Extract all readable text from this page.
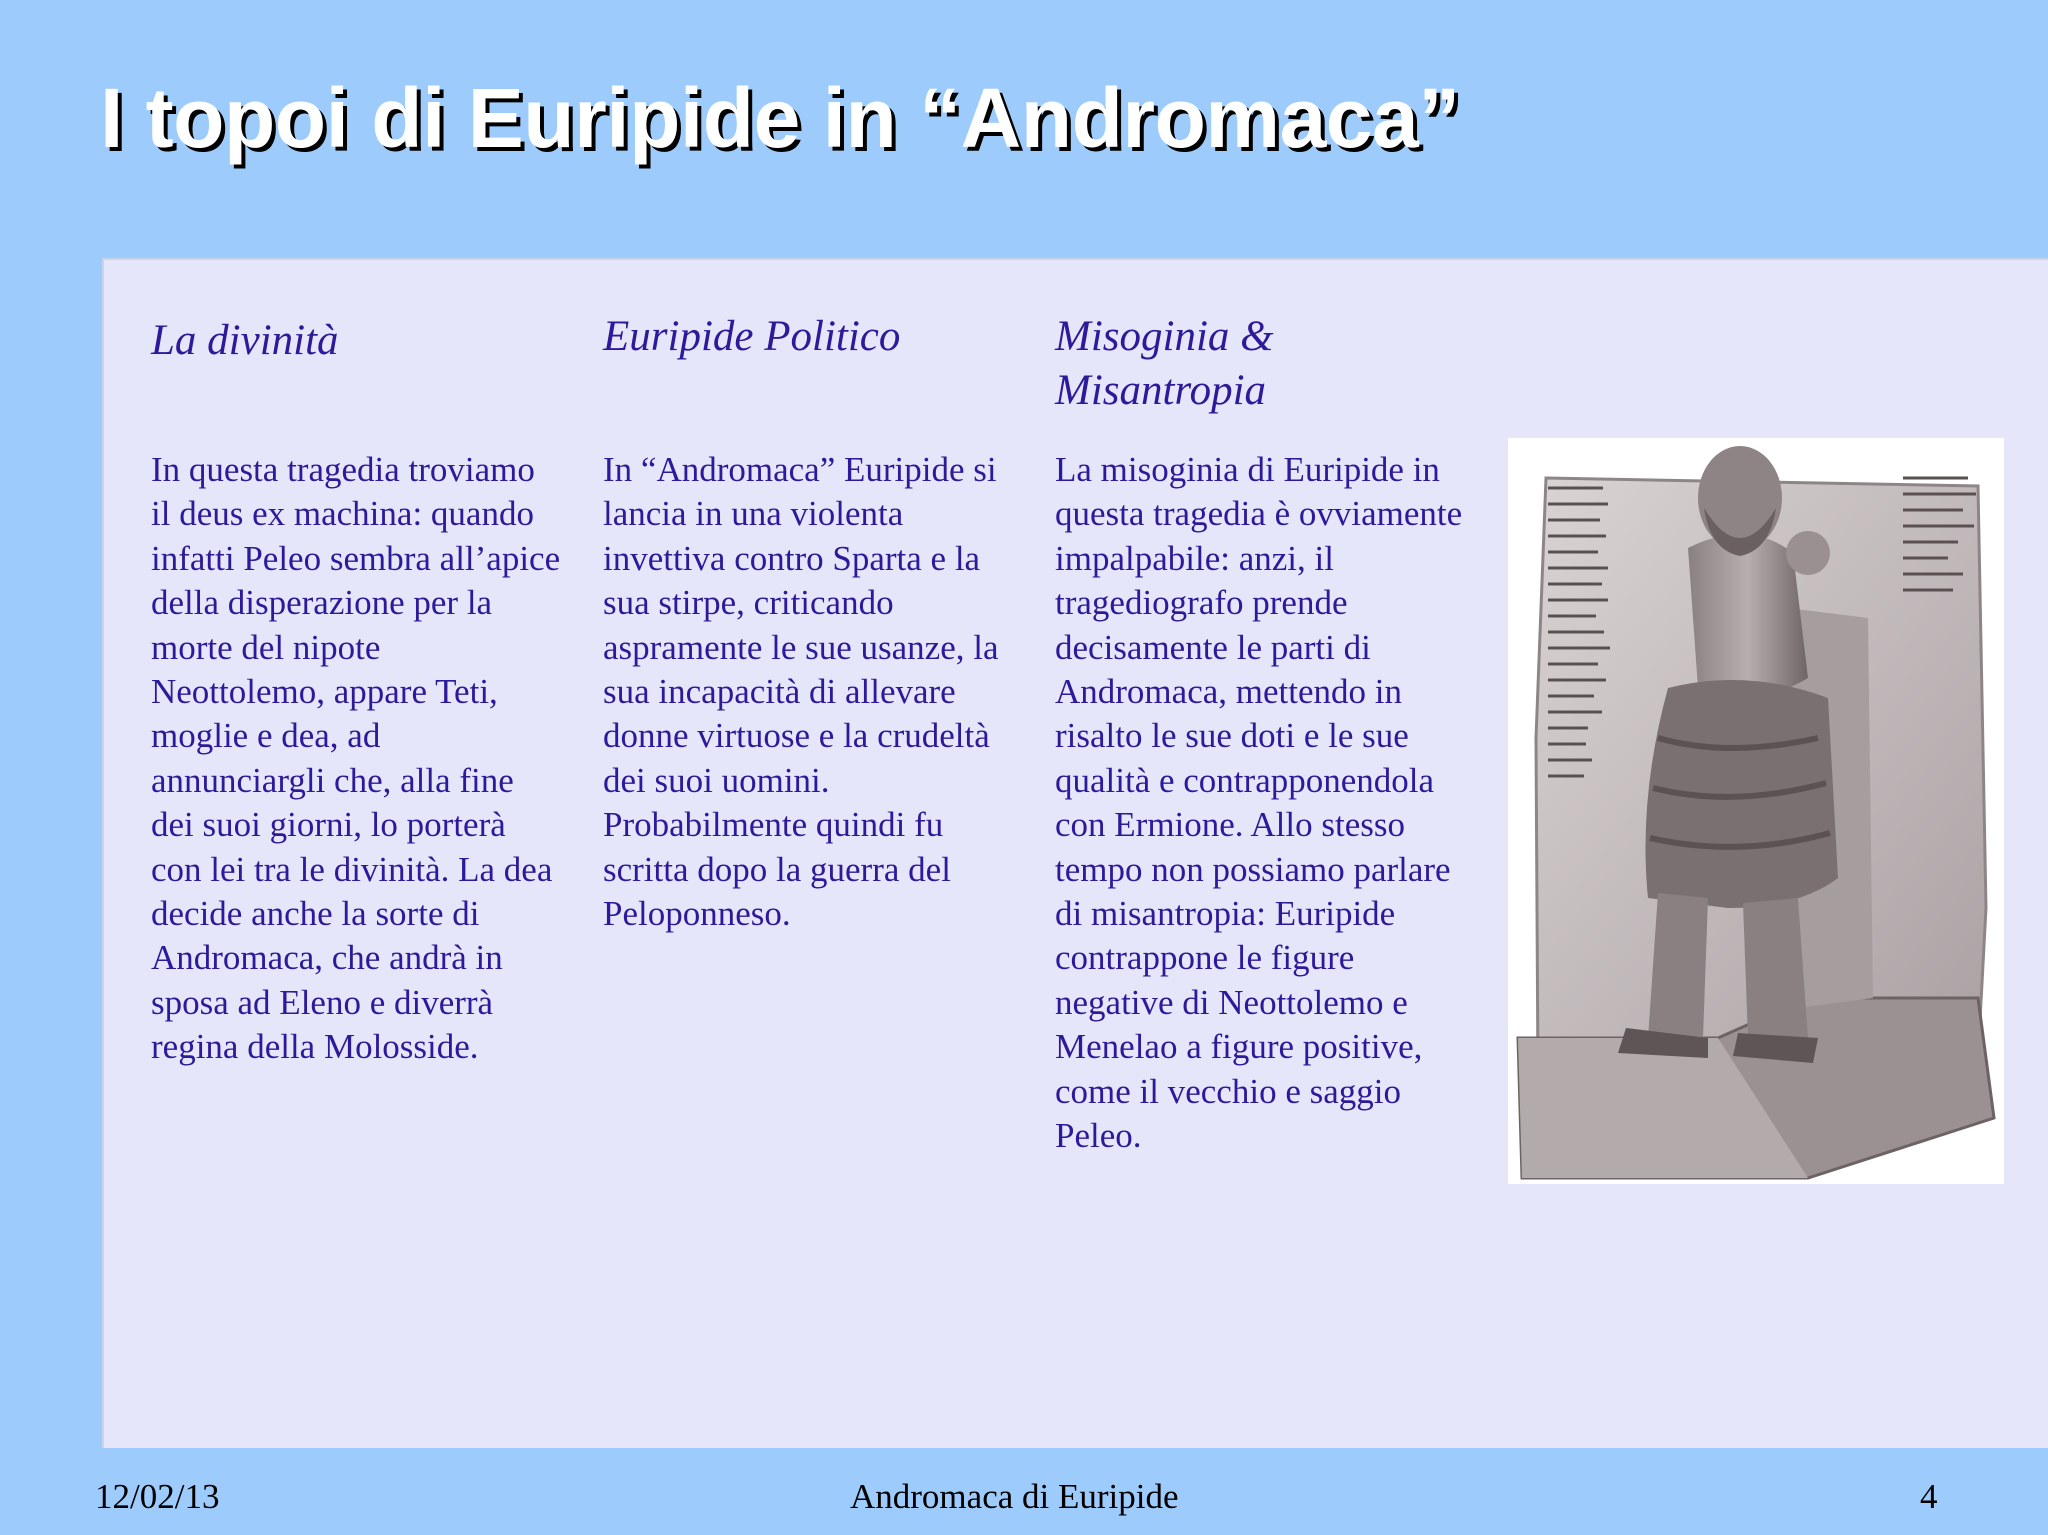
I topoi di Euripide in “Andromaca”

La divinità

In questa tragedia troviamo il deus ex machina: quando infatti Peleo sembra all’apice della disperazione per la morte del nipote Neottolemo, appare Teti, moglie e dea, ad annunciargli che, alla fine dei suoi giorni, lo porterà con lei tra le divinità. La dea decide anche la sorte di Andromaca, che andrà in sposa ad Eleno e diverrà regina della Molosside.

Euripide Politico

In “Andromaca” Euripide si lancia in una violenta invettiva contro Sparta e la sua stirpe, criticando aspramente le sue usanze, la sua incapacità di allevare donne virtuose e la crudeltà dei suoi uomini. Probabilmente quindi fu scritta dopo la guerra del Peloponneso.

Misoginia & Misantropia

La misoginia di Euripide in questa tragedia è ovviamente impalpabile: anzi, il tragediografo prende decisamente le parti di Andromaca, mettendo in risalto le sue doti e le sue qualità e contrapponendola con Ermione. Allo stesso tempo non possiamo parlare di misantropia: Euripide contrappone le figure negative di Neottolemo e Menelao a figure positive, come il vecchio e saggio Peleo.

12/02/13	Andromaca di Euripide	4
